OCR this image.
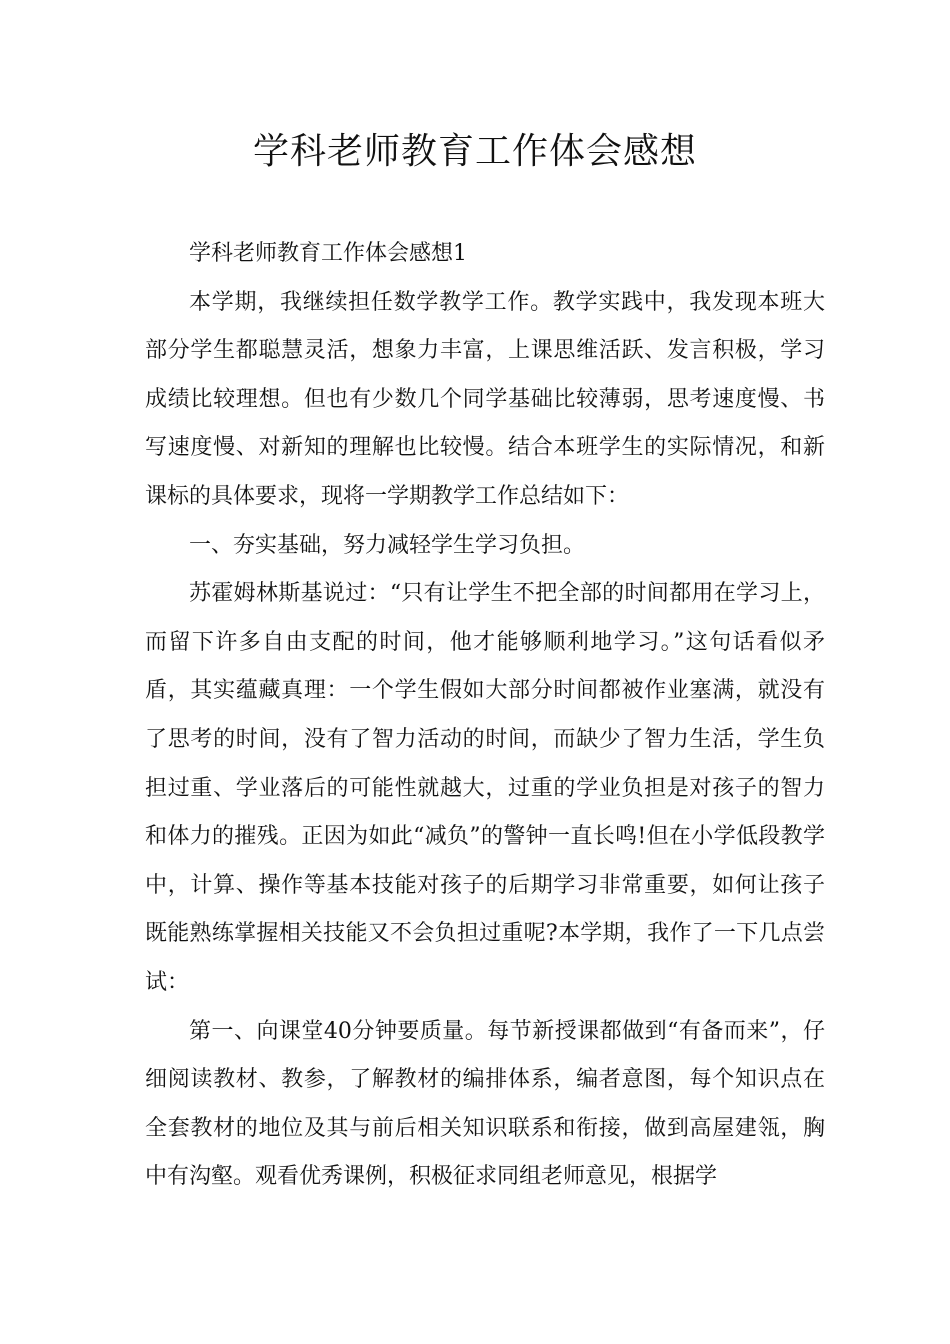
学科老师教育工作体会感想

学科老师教育工作体会感想1

本学期，我继续担任数学教学工作。教学实践中，我发现本班大部分学生都聪慧灵活，想象力丰富，上课思维活跃、发言积极，学习成绩比较理想。但也有少数几个同学基础比较薄弱，思考速度慢、书写速度慢、对新知的理解也比较慢。结合本班学生的实际情况，和新课标的具体要求，现将一学期教学工作总结如下：

一、夯实基础，努力减轻学生学习负担。

苏霍姆林斯基说过：“只有让学生不把全部的时间都用在学习上，而留下许多自由支配的时间，他才能够顺利地学习。”这句话看似矛盾，其实蕴藏真理：一个学生假如大部分时间都被作业塞满，就没有了思考的时间，没有了智力活动的时间，而缺少了智力生活，学生负担过重、学业落后的可能性就越大，过重的学业负担是对孩子的智力和体力的摧残。正因为如此“减负”的警钟一直长鸣!但在小学低段教学中，计算、操作等基本技能对孩子的后期学习非常重要，如何让孩子既能熟练掌握相关技能又不会负担过重呢?本学期，我作了一下几点尝试：

第一、向课堂40分钟要质量。每节新授课都做到“有备而来”，仔细阅读教材、教参，了解教材的编排体系，编者意图，每个知识点在全套教材的地位及其与前后相关知识联系和衔接，做到高屋建瓴，胸中有沟壑。观看优秀课例，积极征求同组老师意见，根据学
